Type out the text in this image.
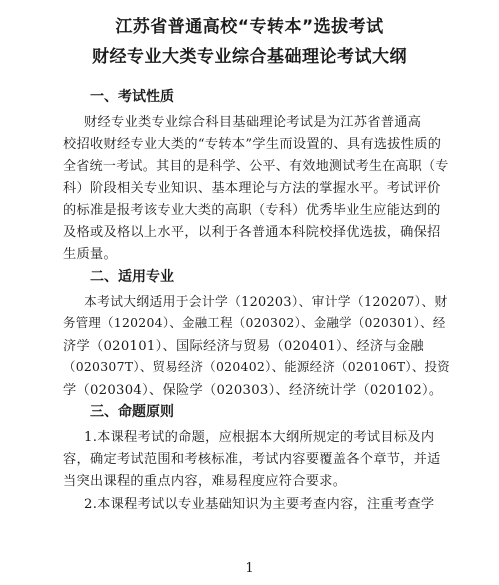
江苏省普通高校“专转本”选拔考试
财经专业大类专业综合基础理论考试大纲
一、考试性质
财经专业类专业综合科目基础理论考试是为江苏省普通高
校招收财经专业大类的“专转本”学生而设置的、具有选拔性质的
全省统一考试。其目的是科学、公平、有效地测试考生在高职（专
科）阶段相关专业知识、基本理论与方法的掌握水平。考试评价
的标准是报考该专业大类的高职（专科）优秀毕业生应能达到的
及格或及格以上水平，以利于各普通本科院校择优选拔，确保招
生质量。
二、适用专业
本考试大纲适用于会计学（120203）、审计学（120207）、财
务管理（120204）、金融工程（020302）、金融学（020301）、经
济学（020101）、国际经济与贸易（020401）、经济与金融
（020307T）、贸易经济（020402）、能源经济（020106T）、投资
学（020304）、保险学（020303）、经济统计学（020102）。
三、命题原则
1.本课程考试的命题，应根据本大纲所规定的考试目标及内
容，确定考试范围和考核标准，考试内容要覆盖各个章节，并适
当突出课程的重点内容，难易程度应符合要求。
2.本课程考试以专业基础知识为主要考查内容，注重考查学
1
